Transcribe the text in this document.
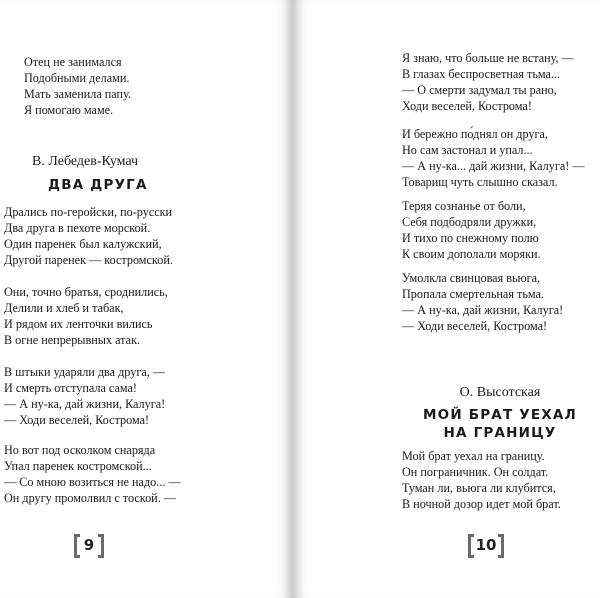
Отец не занимался
Подобными делами.
Мать заменила папу.
Я помогаю маме.
В. Лебедев-Кумач
ДВА ДРУГА
Дрались по-геройски, по-русски
Два друга в пехоте морской.
Один паренек был калужский,
Другой паренек — костромской.
Они, точно братья, сроднились,
Делили и хлеб и табак,
И рядом их ленточки вились
В огне непрерывных атак.
В штыки ударяли два друга, —
И смерть отступала сама!
— А ну-ка, дай жизни, Калуга!
— Ходи веселей, Кострома!
Но вот под осколком снаряда
Упал паренек костромской...
— Со мною возиться не надо... —
Он другу промолвил с тоской. —
9
Я знаю, что больше не встану, —
В глазах беспросветная тьма...
— О смерти задумал ты рано,
Ходи веселей, Кострома!
И бережно по́днял он друга,
Но сам застонал и упал...
— А ну-ка... дай жизни, Калуга! —
Товарищ чуть слышно сказал.
Теряя сознанье от боли,
Себя подбодряли дружки,
И тихо по снежному полю
К своим дополали моряки.
Умолкла свинцовая вьюга,
Пропала смертельная тьма.
— А ну-ка, дай жизни, Калуга!
— Ходи веселей, Кострома!
О. Высотская
МОЙ БРАТ УЕХАЛ
НА ГРАНИЦУ
Мой брат уехал на границу.
Он пограничник. Он солдат.
Туман ли, вьюга ли клубится,
В ночной дозор идет мой брат.
10
